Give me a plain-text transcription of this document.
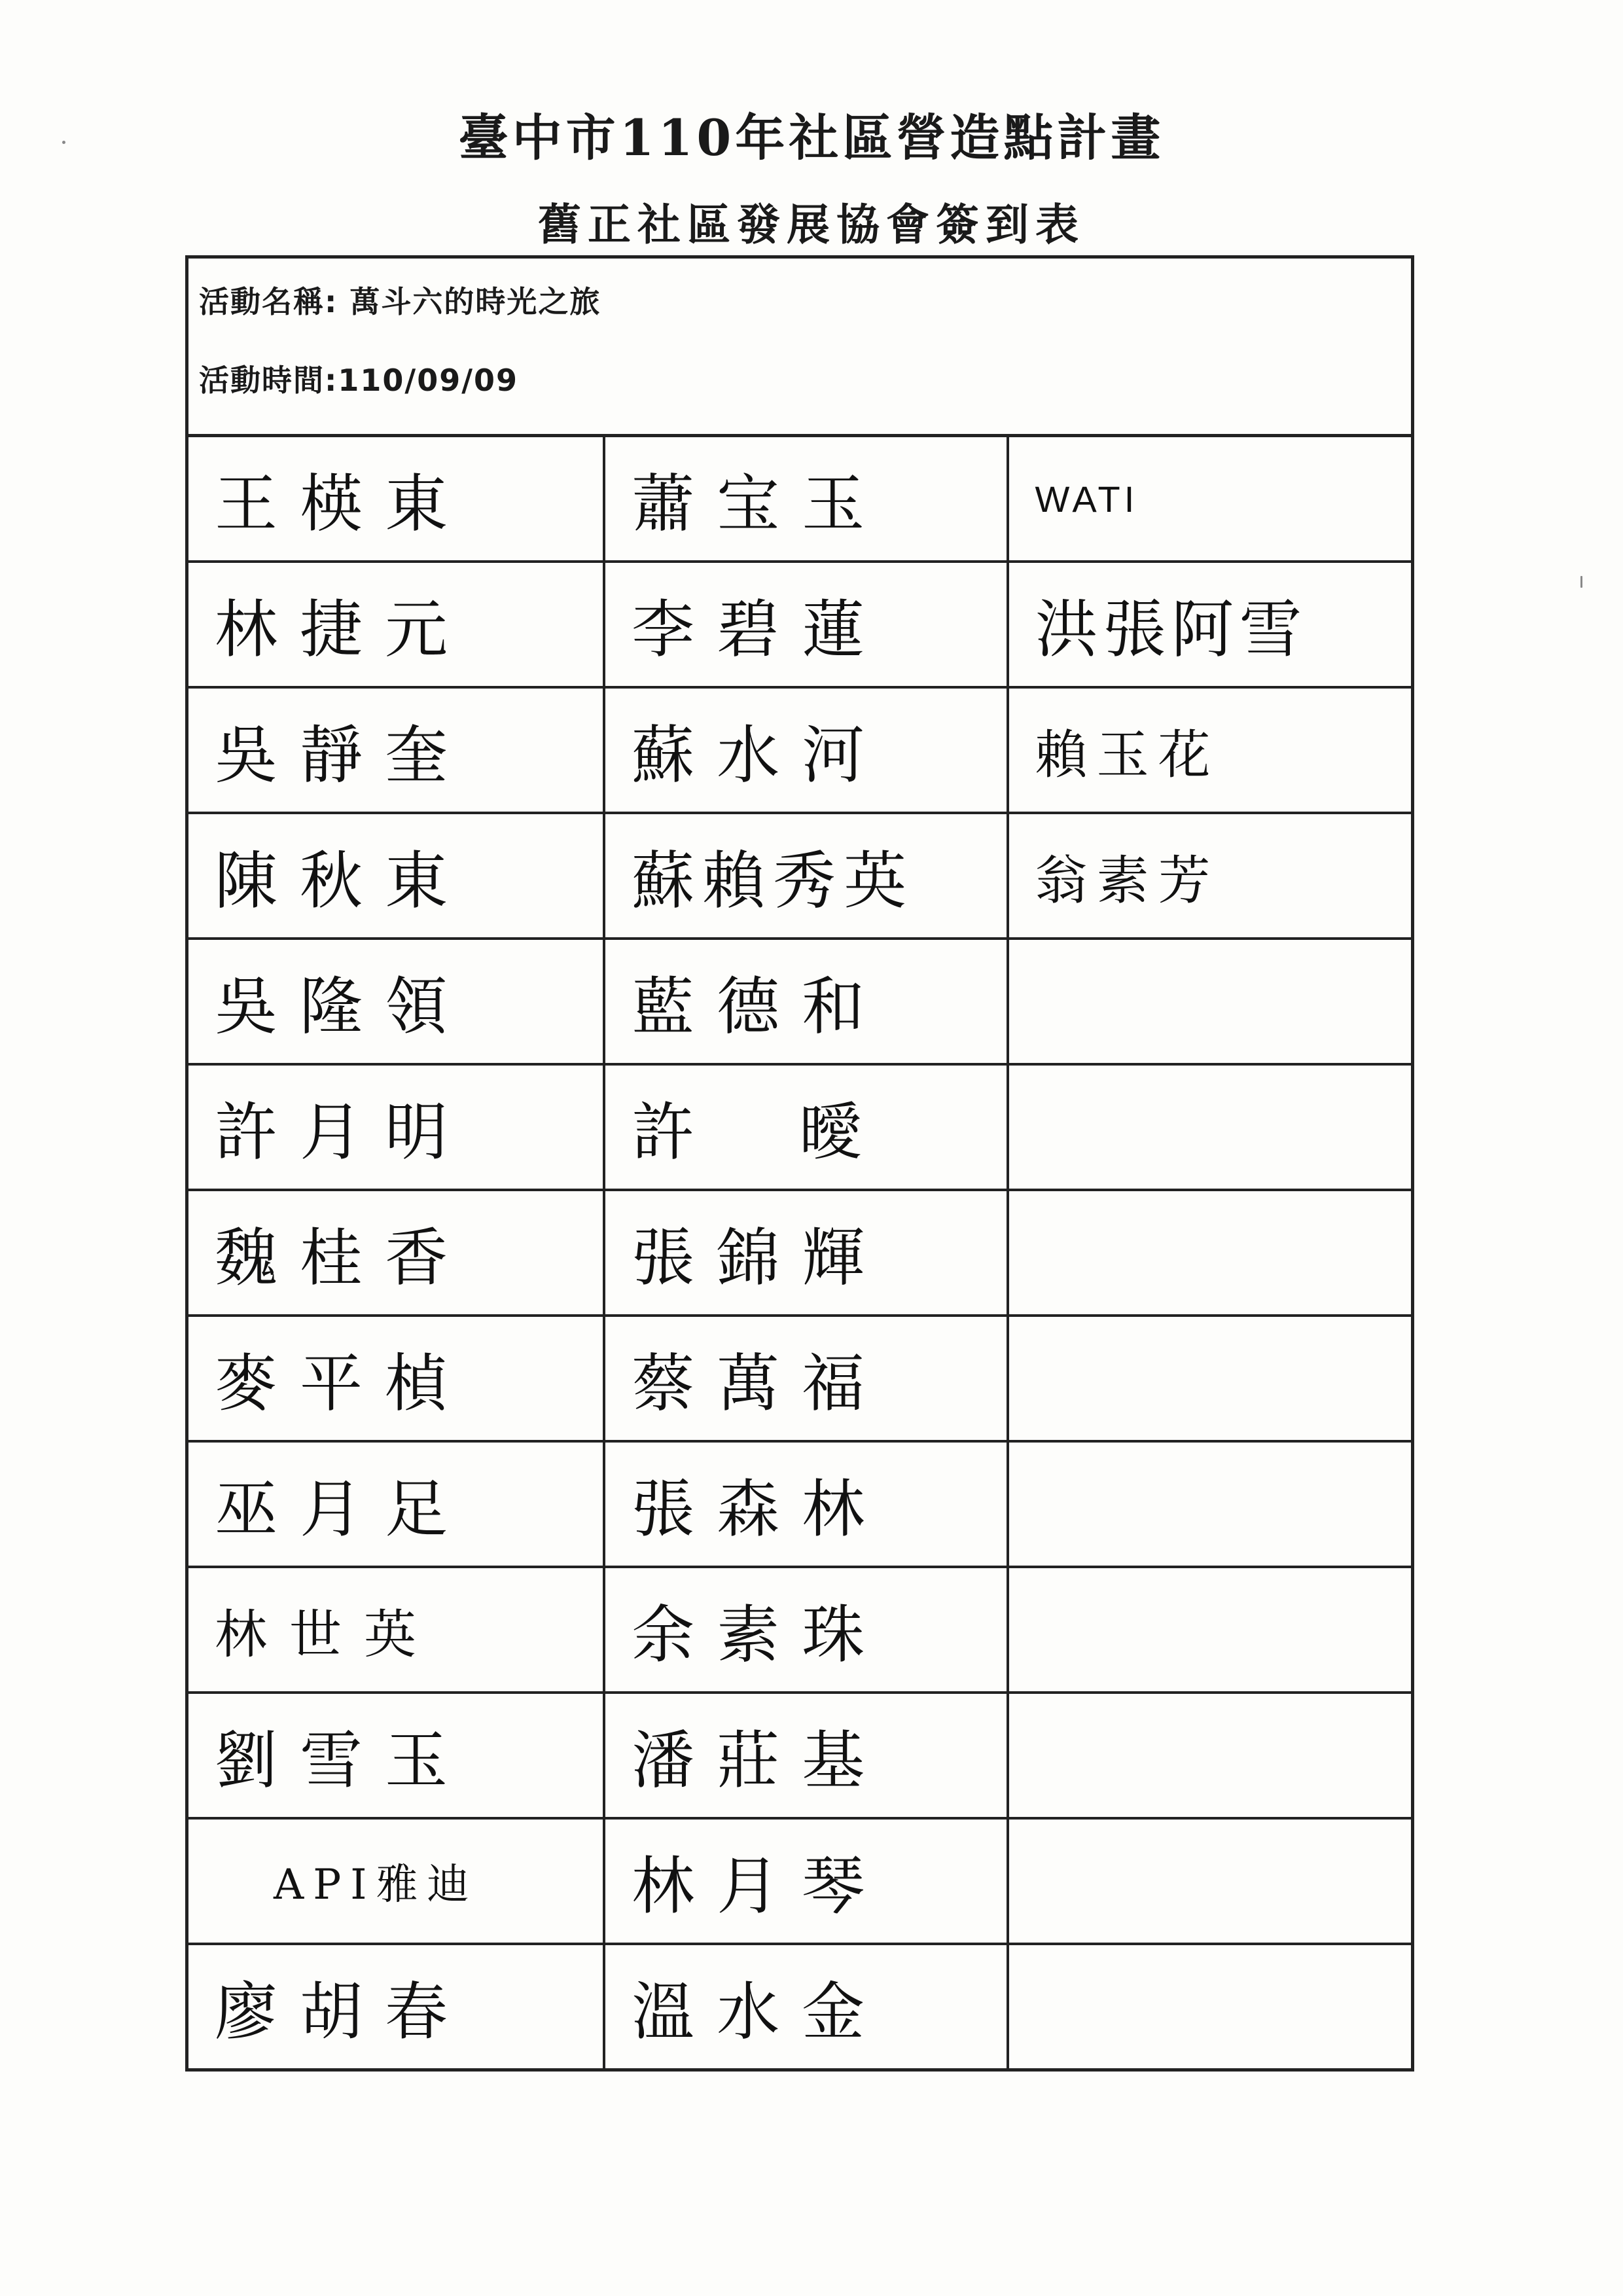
臺中市110年社區營造點計畫
舊正社區發展協會簽到表
活動名稱: 萬斗六的時光之旅
活動時間:110/09/09
王楧東	蕭宝玉	WATI
林捷元	李碧蓮	洪張阿雪
吳靜奎	蘇水河	賴玉花
陳秋東	蘇賴秀英	翁素芳
吳隆領	藍德和	
許月明	許曖	
魏桂香	張錦輝	
麥平楨	蔡萬福	
巫月足	張森林	
林世英	余素珠	
劉雪玉	潘莊基	
API雅迪	林月琴	
廖胡春	溫水金	
